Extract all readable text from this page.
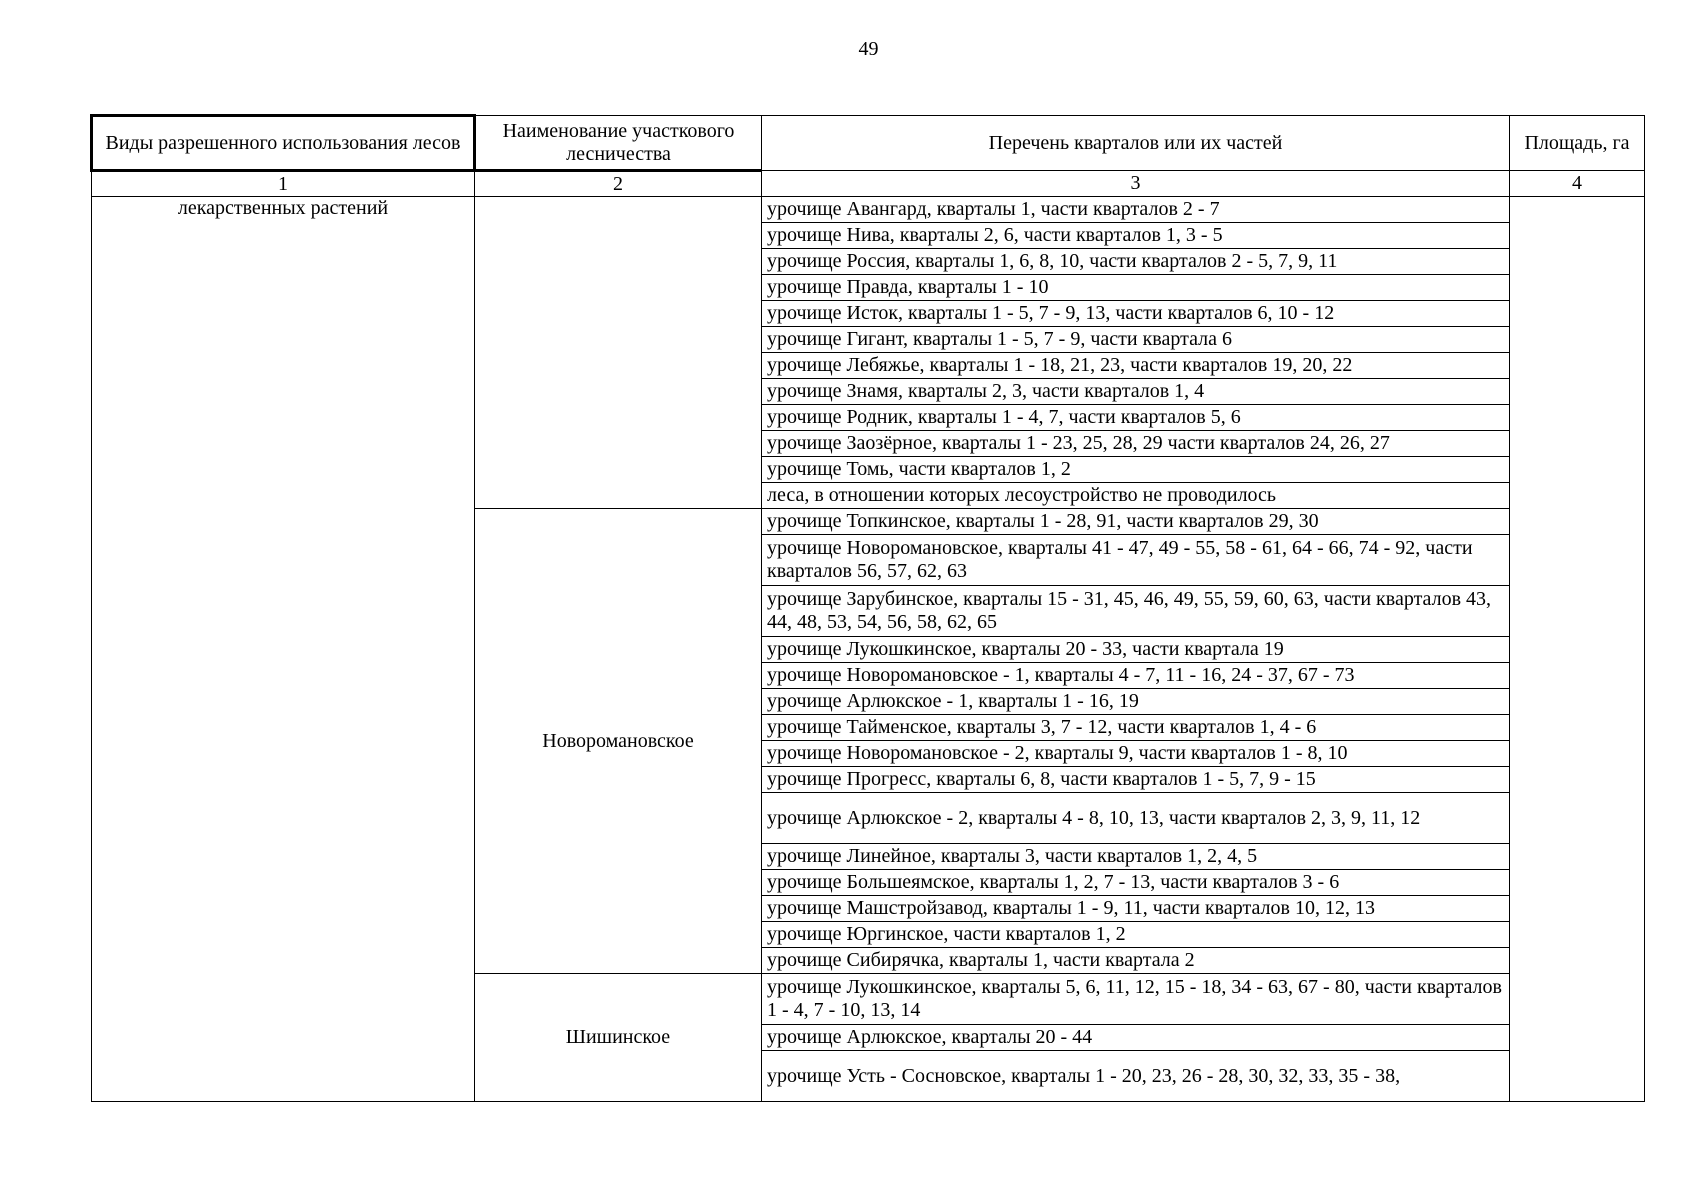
49
Виды разрешенного использования лесов	Наименование участкового лесничества	Перечень кварталов или их частей	Площадь, га
1	2	3	4
лекарственных растений		урочище Авангард, кварталы 1, части кварталов 2 - 7	
		урочище Нива, кварталы 2, 6, части кварталов 1, 3 - 5	
		урочище Россия, кварталы 1, 6, 8, 10, части кварталов 2 - 5, 7, 9, 11	
		урочище Правда, кварталы 1 - 10	
		урочище Исток, кварталы 1 - 5, 7 - 9, 13, части кварталов 6, 10 - 12	
		урочище Гигант, кварталы 1 - 5, 7 - 9, части квартала 6	
		урочище Лебяжье, кварталы 1 - 18, 21, 23, части кварталов 19, 20, 22	
		урочище Знамя, кварталы 2, 3, части кварталов 1, 4	
		урочище Родник, кварталы 1 - 4, 7, части кварталов 5, 6	
		урочище Заозёрное, кварталы 1 - 23, 25, 28, 29 части кварталов 24, 26, 27	
		урочище Томь, части кварталов 1, 2	
		леса, в отношении которых лесоустройство не проводилось	
	Новоромановское	урочище Топкинское, кварталы 1 - 28, 91, части кварталов 29, 30	
		урочище Новоромановское, кварталы 41 - 47, 49 - 55, 58 - 61, 64 - 66, 74 - 92, части кварталов 56, 57, 62, 63	
		урочище Зарубинское, кварталы 15 - 31, 45, 46, 49, 55, 59, 60, 63, части кварталов 43, 44, 48, 53, 54, 56, 58, 62, 65	
		урочище Лукошкинское, кварталы 20 - 33, части квартала 19	
		урочище Новоромановское - 1, кварталы 4 - 7, 11 - 16, 24 - 37, 67 - 73	
		урочище Арлюкское - 1, кварталы 1 - 16, 19	
		урочище Тайменское, кварталы 3, 7 - 12, части кварталов 1, 4 - 6	
		урочище Новоромановское - 2, кварталы 9, части кварталов 1 - 8, 10	
		урочище Прогресс, кварталы 6, 8, части кварталов 1 - 5, 7, 9 - 15	
		урочище Арлюкское - 2, кварталы 4 - 8, 10, 13, части кварталов 2, 3, 9, 11, 12	
		урочище Линейное, кварталы 3, части кварталов 1, 2, 4, 5	
		урочище Большеямское, кварталы 1, 2, 7 - 13, части кварталов 3 - 6	
		урочище Машстройзавод, кварталы 1 - 9, 11, части кварталов 10, 12, 13	
		урочище Юргинское, части кварталов 1, 2	
		урочище Сибирячка, кварталы 1, части квартала 2	
	Шишинское	урочище Лукошкинское, кварталы 5, 6, 11, 12, 15 - 18, 34 - 63, 67 - 80, части кварталов 1 - 4, 7 - 10, 13, 14	
		урочище Арлюкское, кварталы 20 - 44	
		урочище Усть - Сосновское, кварталы 1 - 20, 23, 26 - 28, 30, 32, 33, 35 - 38,	
